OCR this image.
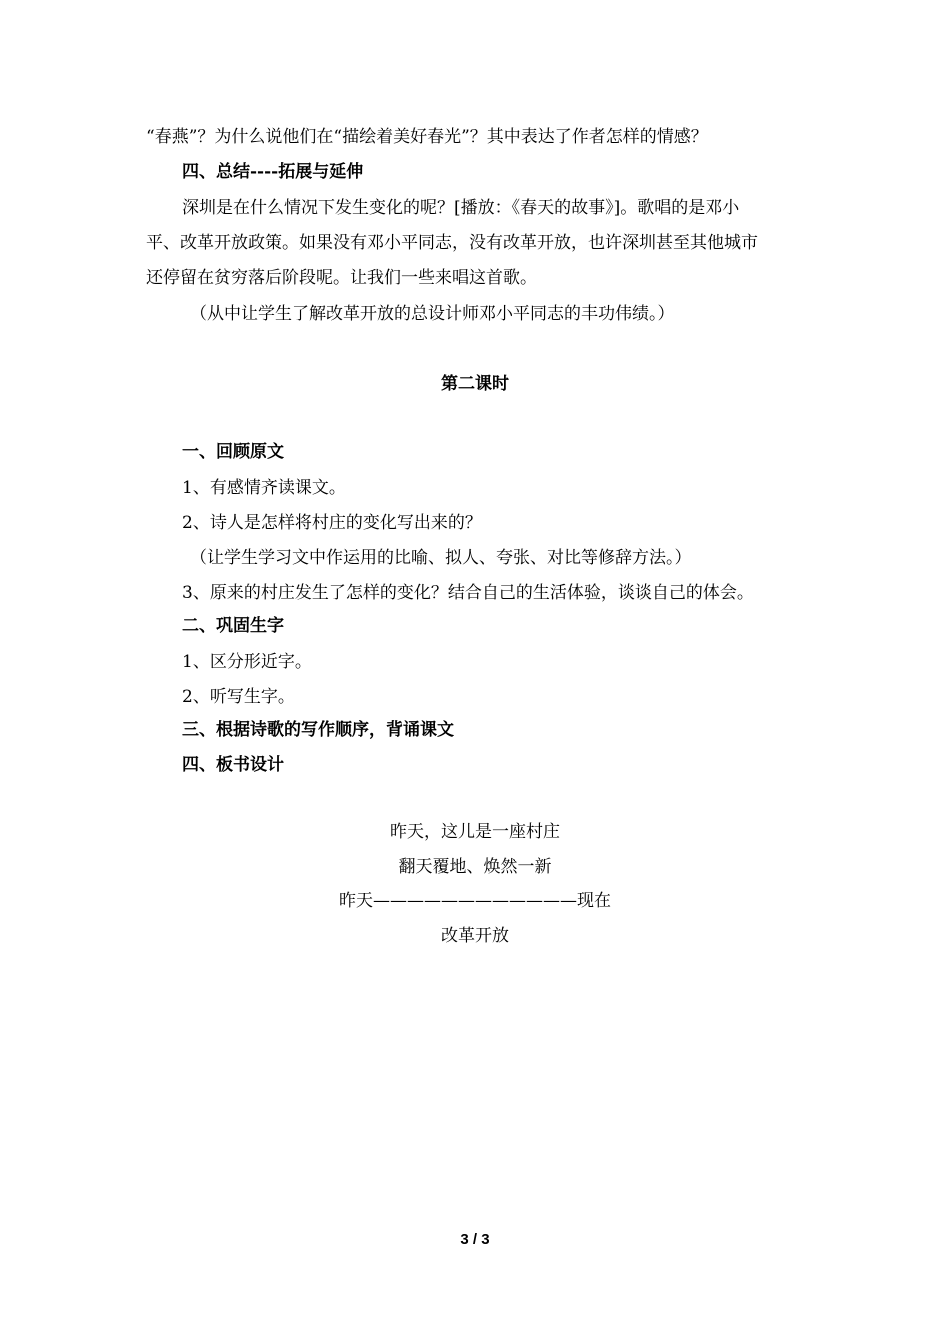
“春燕”？为什么说他们在“描绘着美好春光”？其中表达了作者怎样的情感？
四、总结----拓展与延伸
深圳是在什么情况下发生变化的呢？[播放：《春天的故事》]。歌唱的是邓小
平、改革开放政策。如果没有邓小平同志，没有改革开放，也许深圳甚至其他城市
还停留在贫穷落后阶段呢。让我们一些来唱这首歌。
（从中让学生了解改革开放的总设计师邓小平同志的丰功伟绩。）
第二课时
一、回顾原文
1、有感情齐读课文。
2、诗人是怎样将村庄的变化写出来的？
（让学生学习文中作运用的比喻、拟人、夸张、对比等修辞方法。）
3、原来的村庄发生了怎样的变化？结合自己的生活体验，谈谈自己的体会。
二、巩固生字
1、区分形近字。
2、听写生字。
三、根据诗歌的写作顺序，背诵课文
四、板书设计
昨天，这儿是一座村庄
翻天覆地、焕然一新
昨天————————————现在
改革开放
3 / 3
